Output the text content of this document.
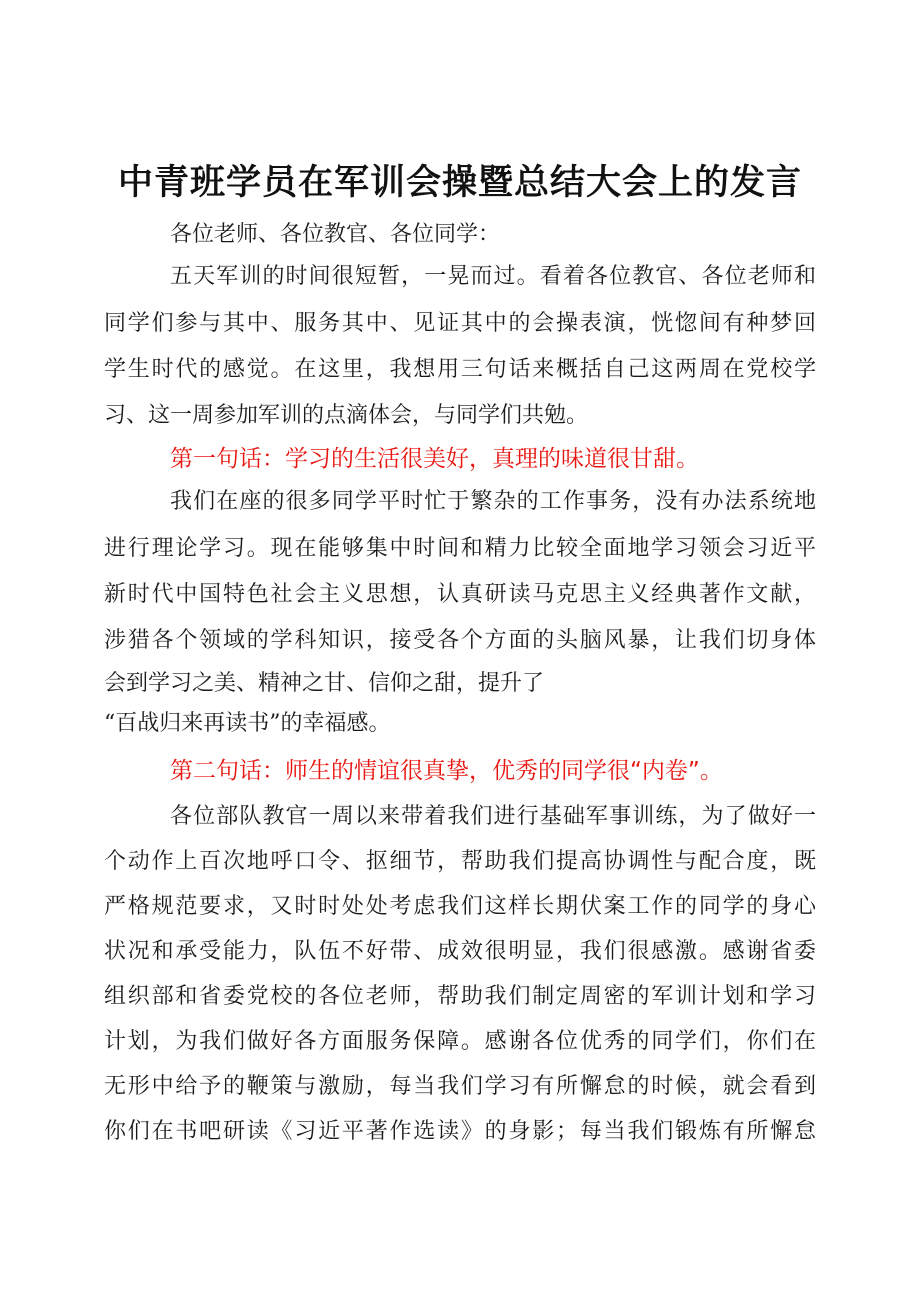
中青班学员在军训会操暨总结大会上的发言
各位老师、各位教官、各位同学：
五天军训的时间很短暂，一晃而过。看着各位教官、各位老师和
同学们参与其中、服务其中、见证其中的会操表演，恍惚间有种梦回
学生时代的感觉。在这里，我想用三句话来概括自己这两周在党校学
习、这一周参加军训的点滴体会，与同学们共勉。
第一句话：学习的生活很美好，真理的味道很甘甜。
我们在座的很多同学平时忙于繁杂的工作事务，没有办法系统地
进行理论学习。现在能够集中时间和精力比较全面地学习领会习近平
新时代中国特色社会主义思想，认真研读马克思主义经典著作文献，
涉猎各个领域的学科知识，接受各个方面的头脑风暴，让我们切身体
会到学习之美、精神之甘、信仰之甜，提升了
“百战归来再读书”的幸福感。
第二句话：师生的情谊很真挚，优秀的同学很“内卷”。
各位部队教官一周以来带着我们进行基础军事训练，为了做好一
个动作上百次地呼口令、抠细节，帮助我们提高协调性与配合度，既
严格规范要求，又时时处处考虑我们这样长期伏案工作的同学的身心
状况和承受能力，队伍不好带、成效很明显，我们很感激。感谢省委
组织部和省委党校的各位老师，帮助我们制定周密的军训计划和学习
计划，为我们做好各方面服务保障。感谢各位优秀的同学们，你们在
无形中给予的鞭策与激励，每当我们学习有所懈怠的时候，就会看到
你们在书吧研读《习近平著作选读》的身影；每当我们锻炼有所懈怠
